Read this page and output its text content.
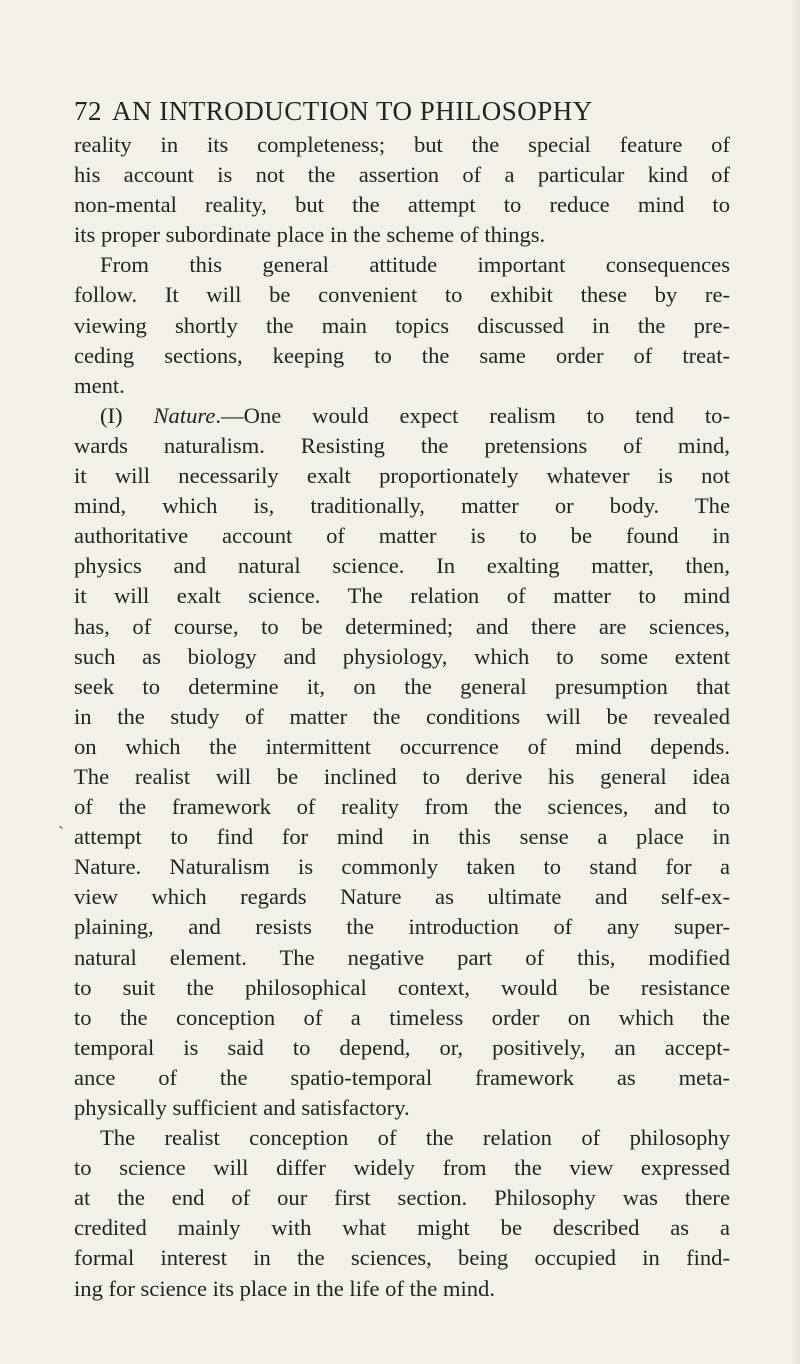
72 AN INTRODUCTION TO PHILOSOPHY
reality in its completeness; but the special feature of
his account is not the assertion of a particular kind of
non-mental reality, but the attempt to reduce mind to
its proper subordinate place in the scheme of things.
From this general attitude important consequences
follow. It will be convenient to exhibit these by re-
viewing shortly the main topics discussed in the pre-
ceding sections, keeping to the same order of treat-
ment.
(I) Nature.—One would expect realism to tend to-
wards naturalism. Resisting the pretensions of mind,
it will necessarily exalt proportionately whatever is not
mind, which is, traditionally, matter or body. The
authoritative account of matter is to be found in
physics and natural science. In exalting matter, then,
it will exalt science. The relation of matter to mind
has, of course, to be determined; and there are sciences,
such as biology and physiology, which to some extent
seek to determine it, on the general presumption that
in the study of matter the conditions will be revealed
on which the intermittent occurrence of mind depends.
The realist will be inclined to derive his general idea
of the framework of reality from the sciences, and to
attempt to find for mind in this sense a place in
Nature. Naturalism is commonly taken to stand for a
view which regards Nature as ultimate and self-ex-
plaining, and resists the introduction of any super-
natural element. The negative part of this, modified
to suit the philosophical context, would be resistance
to the conception of a timeless order on which the
temporal is said to depend, or, positively, an accept-
ance of the spatio-temporal framework as meta-
physically sufficient and satisfactory.
The realist conception of the relation of philosophy
to science will differ widely from the view expressed
at the end of our first section. Philosophy was there
credited mainly with what might be described as a
formal interest in the sciences, being occupied in find-
ing for science its place in the life of the mind.
ˏ
